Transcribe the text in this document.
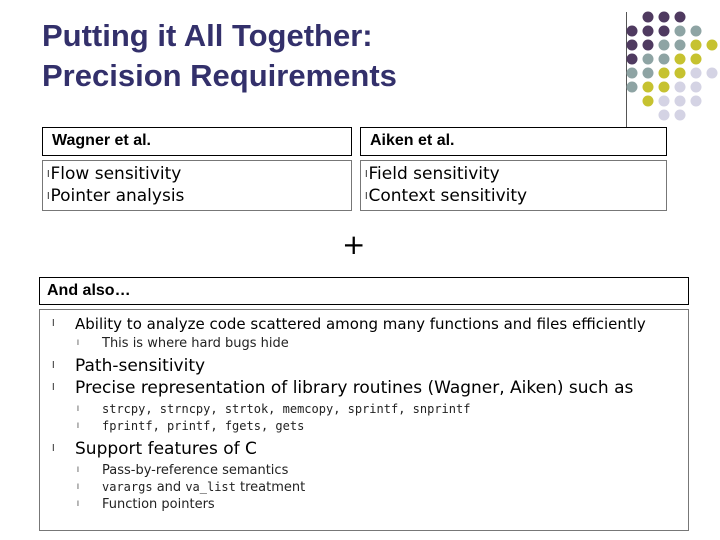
Putting it All Together:
Precision Requirements
Wagner et al.	Aiken et al.
lFlow sensitivity
lPointer analysis
lField sensitivity
lContext sensitivity
+
And also…
l Ability to analyze code scattered among many functions and files efficiently
l This is where hard bugs hide
l Path-sensitivity
l Precise representation of library routines (Wagner, Aiken) such as
l strcpy, strncpy, strtok, memcopy, sprintf, snprintf
l fprintf, printf, fgets, gets
l Support features of C
l Pass-by-reference semantics
l varargs and va_list treatment
l Function pointers
